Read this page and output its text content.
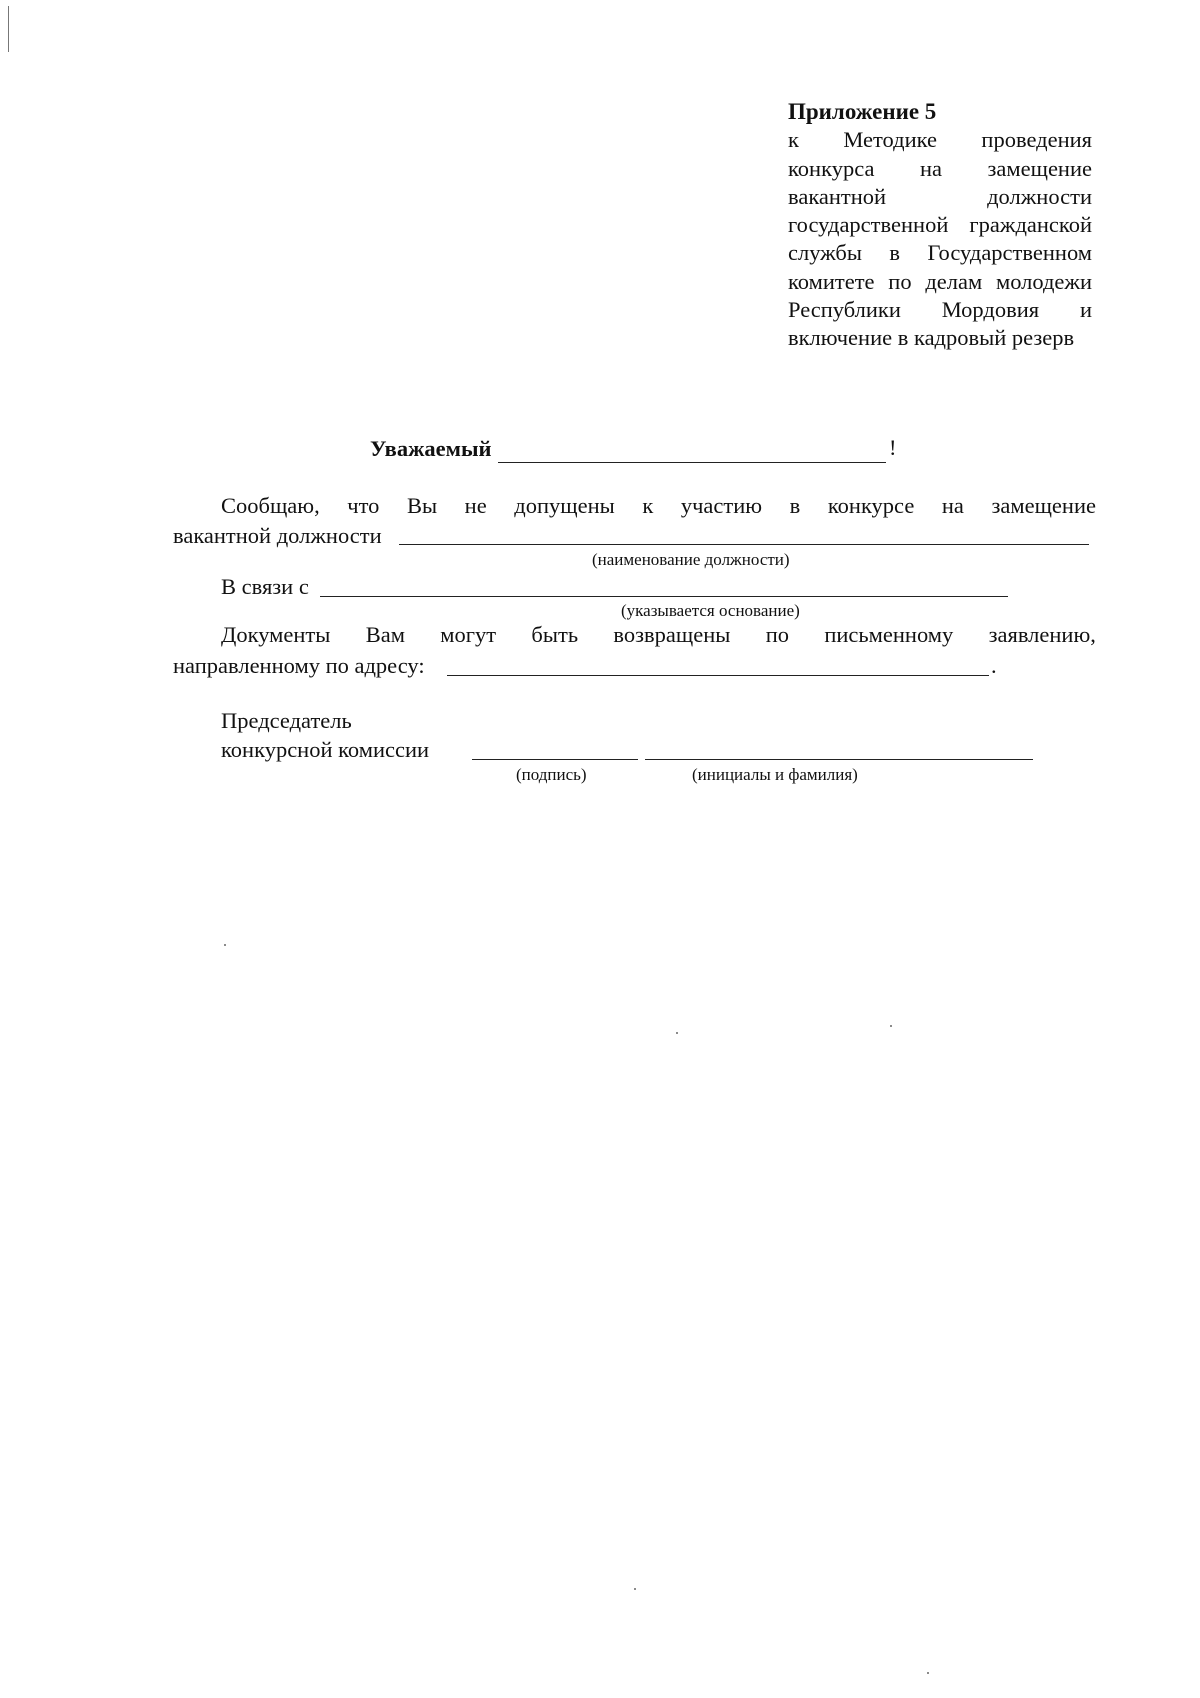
Приложение 5
к Методике проведения
конкурса на замещение
вакантной должности
государственной гражданской
службы в Государственном
комитете по делам молодежи
Республики Мордовия и
включение в кадровый резерв
Уважаемый	!
Сообщаю, что Вы не допущены к участию в конкурсе на замещение
вакантной должности
(наименование должности)
В связи с
(указывается основание)
Документы Вам могут быть возвращены по письменному заявлению,
направленному по адресу:	.
Председатель
конкурсной комиссии
(подпись)	(инициалы и фамилия)
